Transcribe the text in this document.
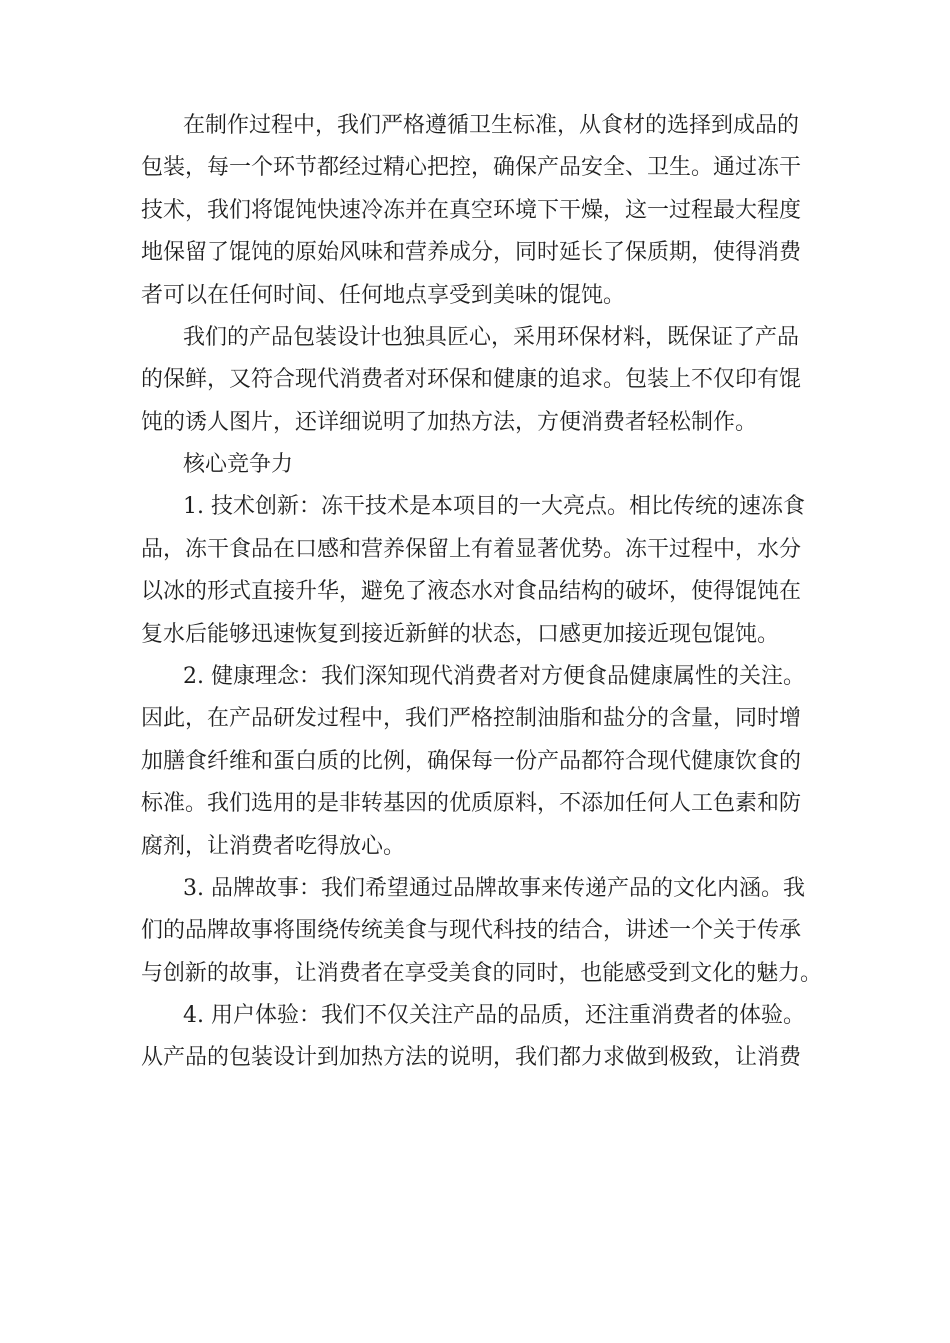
在制作过程中，我们严格遵循卫生标准，从食材的选择到成品的
包装，每一个环节都经过精心把控，确保产品安全、卫生。通过冻干
技术，我们将馄饨快速冷冻并在真空环境下干燥，这一过程最大程度
地保留了馄饨的原始风味和营养成分，同时延长了保质期，使得消费
者可以在任何时间、任何地点享受到美味的馄饨。
我们的产品包装设计也独具匠心，采用环保材料，既保证了产品
的保鲜，又符合现代消费者对环保和健康的追求。包装上不仅印有馄
饨的诱人图片，还详细说明了加热方法，方便消费者轻松制作。
核心竞争力
1. 技术创新：冻干技术是本项目的一大亮点。相比传统的速冻食
品，冻干食品在口感和营养保留上有着显著优势。冻干过程中，水分
以冰的形式直接升华，避免了液态水对食品结构的破坏，使得馄饨在
复水后能够迅速恢复到接近新鲜的状态，口感更加接近现包馄饨。
2. 健康理念：我们深知现代消费者对方便食品健康属性的关注。
因此，在产品研发过程中，我们严格控制油脂和盐分的含量，同时增
加膳食纤维和蛋白质的比例，确保每一份产品都符合现代健康饮食的
标准。我们选用的是非转基因的优质原料，不添加任何人工色素和防
腐剂，让消费者吃得放心。
3. 品牌故事：我们希望通过品牌故事来传递产品的文化内涵。我
们的品牌故事将围绕传统美食与现代科技的结合，讲述一个关于传承
与创新的故事，让消费者在享受美食的同时，也能感受到文化的魅力。
4. 用户体验：我们不仅关注产品的品质，还注重消费者的体验。
从产品的包装设计到加热方法的说明，我们都力求做到极致，让消费
